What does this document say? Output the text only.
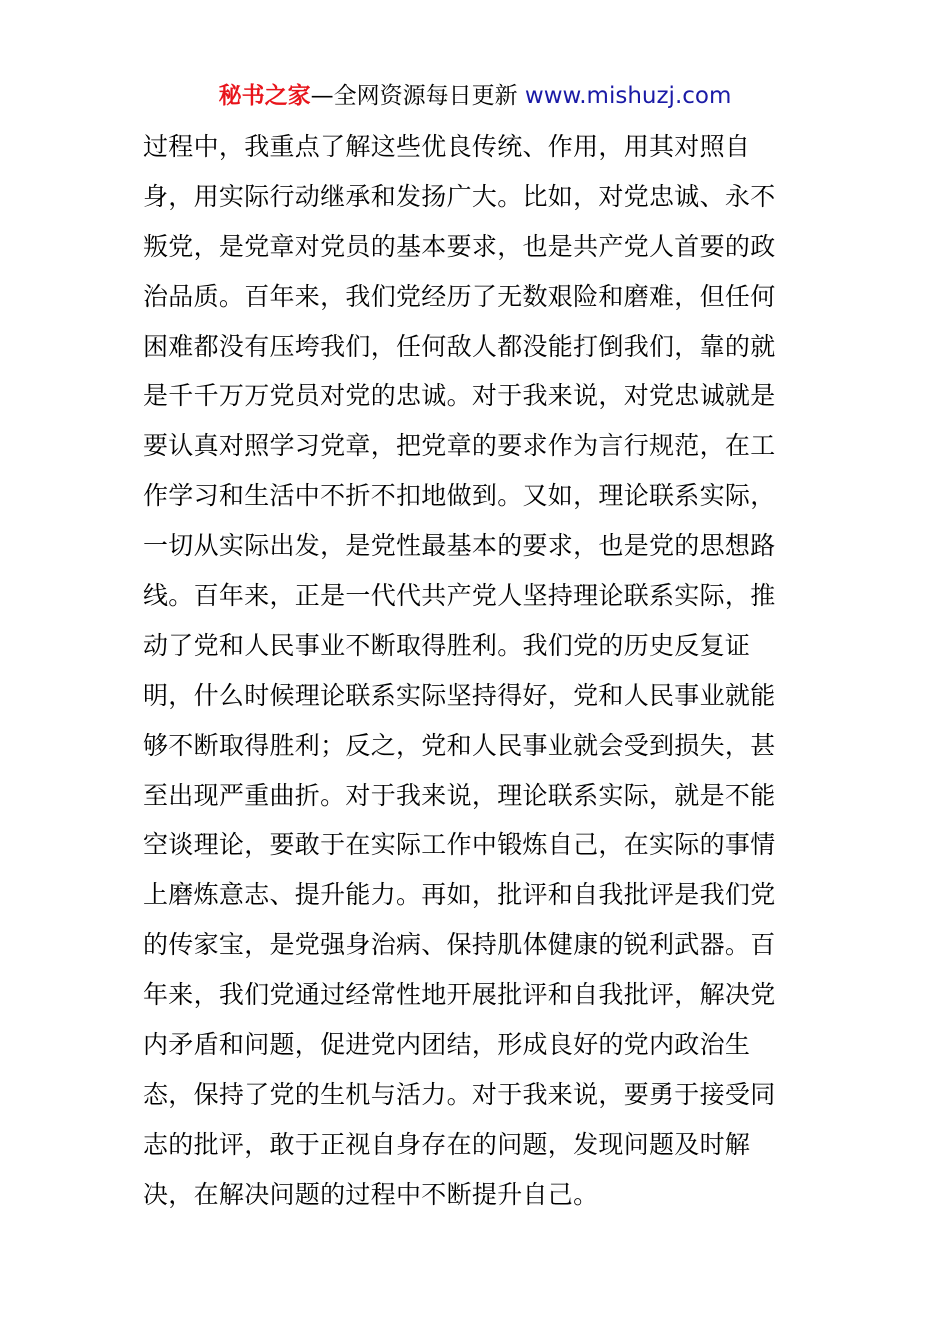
秘书之家—全网资源每日更新 www.mishuzj.com
过程中，我重点了解这些优良传统、作用，用其对照自
身，用实际行动继承和发扬广大。比如，对党忠诚、永不
叛党，是党章对党员的基本要求，也是共产党人首要的政
治品质。百年来，我们党经历了无数艰险和磨难，但任何
困难都没有压垮我们，任何敌人都没能打倒我们，靠的就
是千千万万党员对党的忠诚。对于我来说，对党忠诚就是
要认真对照学习党章，把党章的要求作为言行规范，在工
作学习和生活中不折不扣地做到。又如，理论联系实际，
一切从实际出发，是党性最基本的要求，也是党的思想路
线。百年来，正是一代代共产党人坚持理论联系实际，推
动了党和人民事业不断取得胜利。我们党的历史反复证
明，什么时候理论联系实际坚持得好，党和人民事业就能
够不断取得胜利；反之，党和人民事业就会受到损失，甚
至出现严重曲折。对于我来说，理论联系实际，就是不能
空谈理论，要敢于在实际工作中锻炼自己，在实际的事情
上磨炼意志、提升能力。再如，批评和自我批评是我们党
的传家宝，是党强身治病、保持肌体健康的锐利武器。百
年来，我们党通过经常性地开展批评和自我批评，解决党
内矛盾和问题，促进党内团结，形成良好的党内政治生
态，保持了党的生机与活力。对于我来说，要勇于接受同
志的批评，敢于正视自身存在的问题，发现问题及时解
决，在解决问题的过程中不断提升自己。
